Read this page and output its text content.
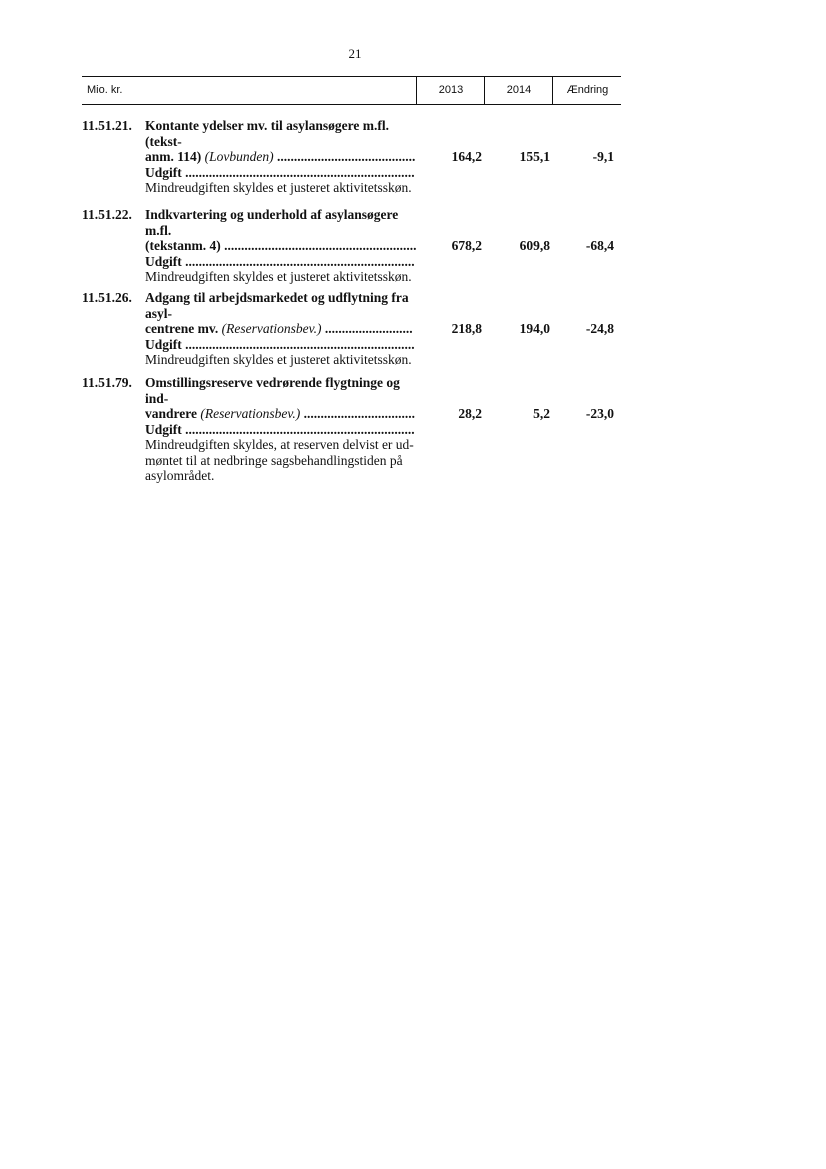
21
Mio. kr.	2013	2014	Ændring
11.51.21. Kontante ydelser mv. til asylansøgere m.fl. (tekst-
anm. 114) (Lovbunden) .........................................
Udgift ....................................................................
Mindreudgiften skyldes et justeret aktivitetsskøn.
164,2	155,1	-9,1
11.51.22. Indkvartering og underhold af asylansøgere m.fl.
(tekstanm. 4) .........................................................
Udgift ....................................................................
Mindreudgiften skyldes et justeret aktivitetsskøn.
678,2	609,8	-68,4
11.51.26. Adgang til arbejdsmarkedet og udflytning fra asyl-
centrene mv. (Reservationsbev.) ..........................
Udgift ....................................................................
Mindreudgiften skyldes et justeret aktivitetsskøn.
218,8	194,0	-24,8
11.51.79. Omstillingsreserve vedrørende flygtninge og ind-
vandrere (Reservationsbev.) .................................
Udgift ....................................................................
Mindreudgiften skyldes, at reserven delvist er ud-
møntet til at nedbringe sagsbehandlingstiden på
asylområdet.
28,2	5,2	-23,0
